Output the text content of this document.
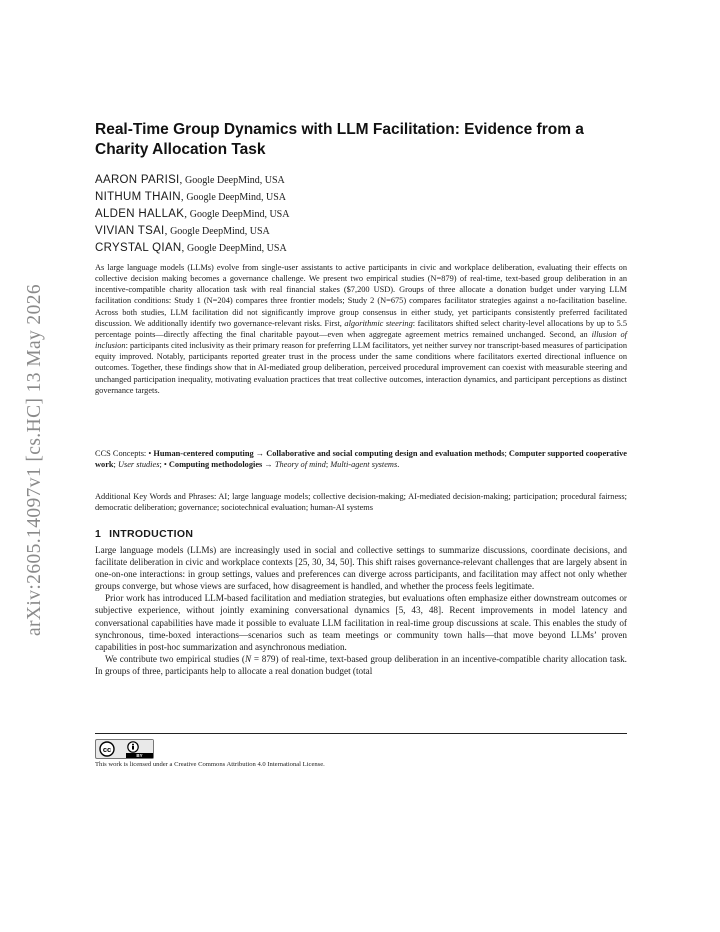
arXiv:2605.14097v1 [cs.HC] 13 May 2026
Real-Time Group Dynamics with LLM Facilitation: Evidence from a Charity Allocation Task
AARON PARISI, Google DeepMind, USA
NITHUM THAIN, Google DeepMind, USA
ALDEN HALLAK, Google DeepMind, USA
VIVIAN TSAI, Google DeepMind, USA
CRYSTAL QIAN, Google DeepMind, USA

As large language models (LLMs) evolve from single-user assistants to active participants in civic and workplace deliberation, evaluating their effects on collective decision making becomes a governance challenge. We present two empirical studies (N=879) of real-time, text-based group deliberation in an incentive-compatible charity allocation task with real financial stakes ($7,200 USD). Groups of three allocate a donation budget under varying LLM facilitation conditions: Study 1 (N=204) compares three frontier models; Study 2 (N=675) compares facilitator strategies against a no-facilitation baseline. Across both studies, LLM facilitation did not significantly improve group consensus in either study, yet participants consistently preferred facilitated discussion. We additionally identify two governance-relevant risks. First, algorithmic steering: facilitators shifted select charity-level allocations by up to 5.5 percentage points—directly affecting the final charitable payout—even when aggregate agreement metrics remained unchanged. Second, an illusion of inclusion: participants cited inclusivity as their primary reason for preferring LLM facilitators, yet neither survey nor transcript-based measures of participation equity improved. Notably, participants reported greater trust in the process under the same conditions where facilitators exerted directional influence on outcomes. Together, these findings show that in AI-mediated group deliberation, perceived procedural improvement can coexist with measurable steering and unchanged participation inequality, motivating evaluation practices that treat collective outcomes, interaction dynamics, and participant perceptions as distinct governance targets.

CCS Concepts: • Human-centered computing → Collaborative and social computing design and evaluation methods; Computer supported cooperative work; User studies; • Computing methodologies → Theory of mind; Multi-agent systems.

Additional Key Words and Phrases: AI; large language models; collective decision-making; AI-mediated decision-making; participation; procedural fairness; democratic deliberation; governance; sociotechnical evaluation; human-AI systems

1 INTRODUCTION

Large language models (LLMs) are increasingly used in social and collective settings to summarize discussions, coordinate decisions, and facilitate deliberation in civic and workplace contexts [25, 30, 34, 50]. This shift raises governance-relevant challenges that are largely absent in one-on-one interactions: in group settings, values and preferences can diverge across participants, and facilitation may affect not only whether groups converge, but whose views are surfaced, how disagreement is handled, and whether the process feels legitimate.

Prior work has introduced LLM-based facilitation and mediation strategies, but evaluations often emphasize either downstream outcomes or subjective experience, without jointly examining conversational dynamics [5, 43, 48]. Recent improvements in model latency and conversational capabilities have made it possible to evaluate LLM facilitation in real-time group discussions at scale. This enables the study of synchronous, time-boxed interactions—scenarios such as team meetings or community town halls—that move beyond LLMs’ proven capabilities in post-hoc summarization and asynchronous mediation.

We contribute two empirical studies (N = 879) of real-time, text-based group deliberation in an incentive-compatible charity allocation task. In groups of three, participants help to allocate a real donation budget (total

cc
BY
This work is licensed under a Creative Commons Attribution 4.0 International License.
